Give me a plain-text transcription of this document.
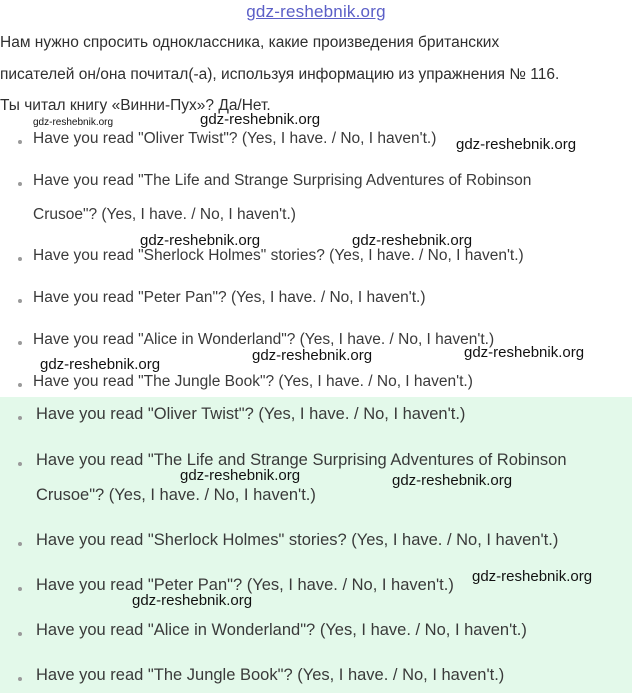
gdz-reshebnik.org
Нам нужно спросить одноклассника, какие произведения британских
писателей он/она почитал(-а), используя информацию из упражнения № 116.
Ты читал книгу «Винни-Пух»? Да/Нет.
Have you read "Oliver Twist"? (Yes, I have. / No, I haven't.)
Have you read "The Life and Strange Surprising Adventures of Robinson
Crusoe"? (Yes, I have. / No, I haven't.)
Have you read "Sherlock Holmes" stories? (Yes, I have. / No, I haven't.)
Have you read "Peter Pan"? (Yes, I have. / No, I haven't.)
Have you read "Alice in Wonderland"? (Yes, I have. / No, I haven't.)
Have you read "The Jungle Book"? (Yes, I have. / No, I haven't.)
Have you read "Oliver Twist"? (Yes, I have. / No, I haven't.)
Have you read "The Life and Strange Surprising Adventures of Robinson
Crusoe"? (Yes, I have. / No, I haven't.)
Have you read "Sherlock Holmes" stories? (Yes, I have. / No, I haven't.)
Have you read "Peter Pan"? (Yes, I have. / No, I haven't.)
Have you read "Alice in Wonderland"? (Yes, I have. / No, I haven't.)
Have you read "The Jungle Book"? (Yes, I have. / No, I haven't.)
gdz-reshebnik.org	gdz-reshebnik.org
gdz-reshebnik.org
gdz-reshebnik.org	gdz-reshebnik.org
gdz-reshebnik.org	gdz-reshebnik.org
gdz-reshebnik.org
gdz-reshebnik.org	gdz-reshebnik.org
gdz-reshebnik.org
gdz-reshebnik.org
